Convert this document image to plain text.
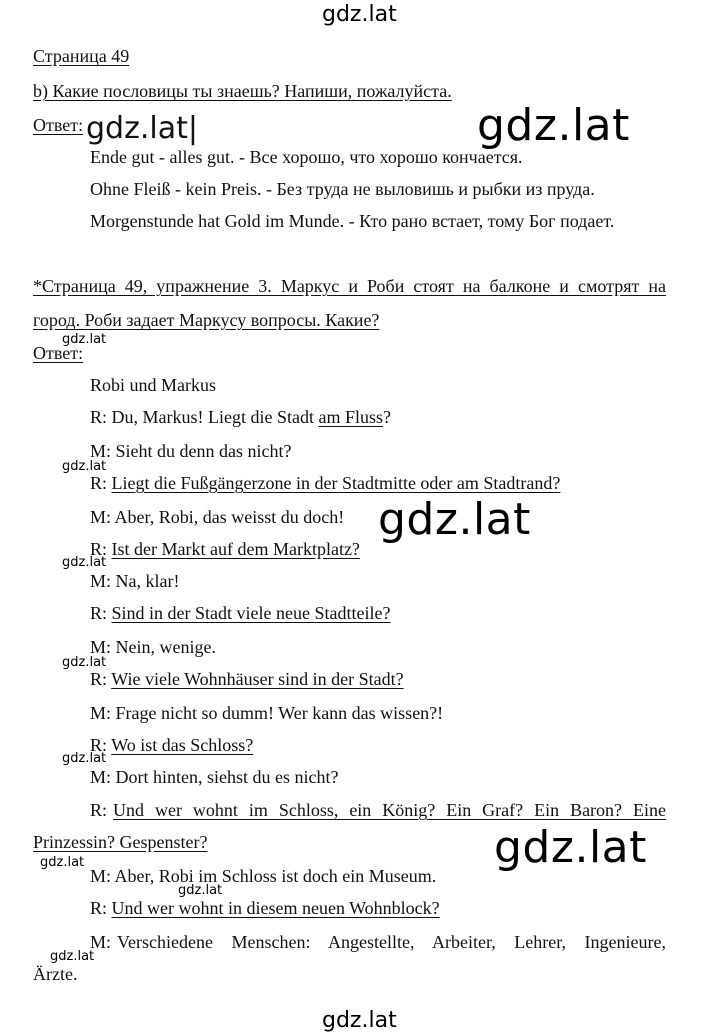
gdz.lat
gdz.lat
gdz.lat
gdz.lat
gdz.lat
gdz.lat|
gdz.lat
gdz.lat
gdz.lat
gdz.lat
gdz.lat
gdz.lat
gdz.lat
gdz.lat
Страница 49
b) Какие пословицы ты знаешь? Напиши, пожалуйста.
Ответ:
Ende gut - alles gut. - Все хорошо, что хорошо кончается.
Ohne Fleiß - kein Preis. - Без труда не выловишь и рыбки из пруда.
Morgenstunde hat Gold im Munde. - Кто рано встает, тому Бог подает.
*Страница 49, упражнение 3. Маркус и Роби стоят на балконе и смотрят на
город. Роби задает Маркусу вопросы. Какие?
Ответ:
Robi und Markus
R: Du, Markus! Liegt die Stadt am Fluss?
M: Sieht du denn das nicht?
R: Liegt die Fußgängerzone in der Stadtmitte oder am Stadtrand?
M: Aber, Robi, das weisst du doch!
R: Ist der Markt auf dem Marktplatz?
M: Na, klar!
R: Sind in der Stadt viele neue Stadtteile?
M: Nein, wenige.
R: Wie viele Wohnhäuser sind in der Stadt?
M: Frage nicht so dumm! Wer kann das wissen?!
R: Wo ist das Schloss?
M: Dort hinten, siehst du es nicht?
R: Und wer wohnt im Schloss, ein König? Ein Graf? Ein Baron? Eine
Prinzessin? Gespenster?
M: Aber, Robi im Schloss ist doch ein Museum.
R: Und wer wohnt in diesem neuen Wohnblock?
M: Verschiedene Menschen: Angestellte, Arbeiter, Lehrer, Ingenieure,
Ärzte.
